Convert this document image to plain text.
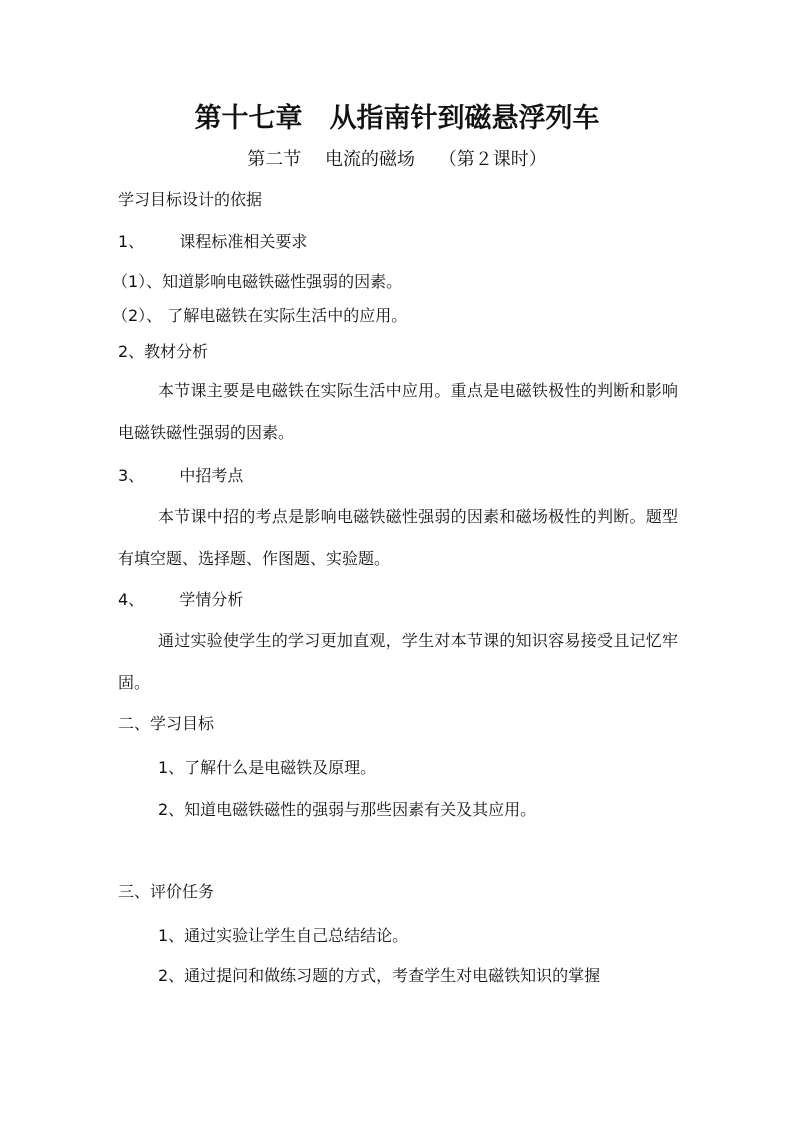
第十七章　从指南针到磁悬浮列车
第二节　 电流的磁场　 （第２课时）
学习目标设计的依据
1、 课程标准相关要求
（1）、知道影响电磁铁磁性强弱的因素。
（2）、 了解电磁铁在实际生活中的应用。
2、教材分析
本节课主要是电磁铁在实际生活中应用。重点是电磁铁极性的判断和影响电磁铁磁性强弱的因素。
3、 中招考点
本节课中招的考点是影响电磁铁磁性强弱的因素和磁场极性的判断。题型有填空题、选择题、作图题、实验题。
4、 学情分析
通过实验使学生的学习更加直观，学生对本节课的知识容易接受且记忆牢固。
二、学习目标
1、了解什么是电磁铁及原理。
2、知道电磁铁磁性的强弱与那些因素有关及其应用。
三、评价任务
1、通过实验让学生自己总结结论。
2、通过提问和做练习题的方式，考查学生对电磁铁知识的掌握
